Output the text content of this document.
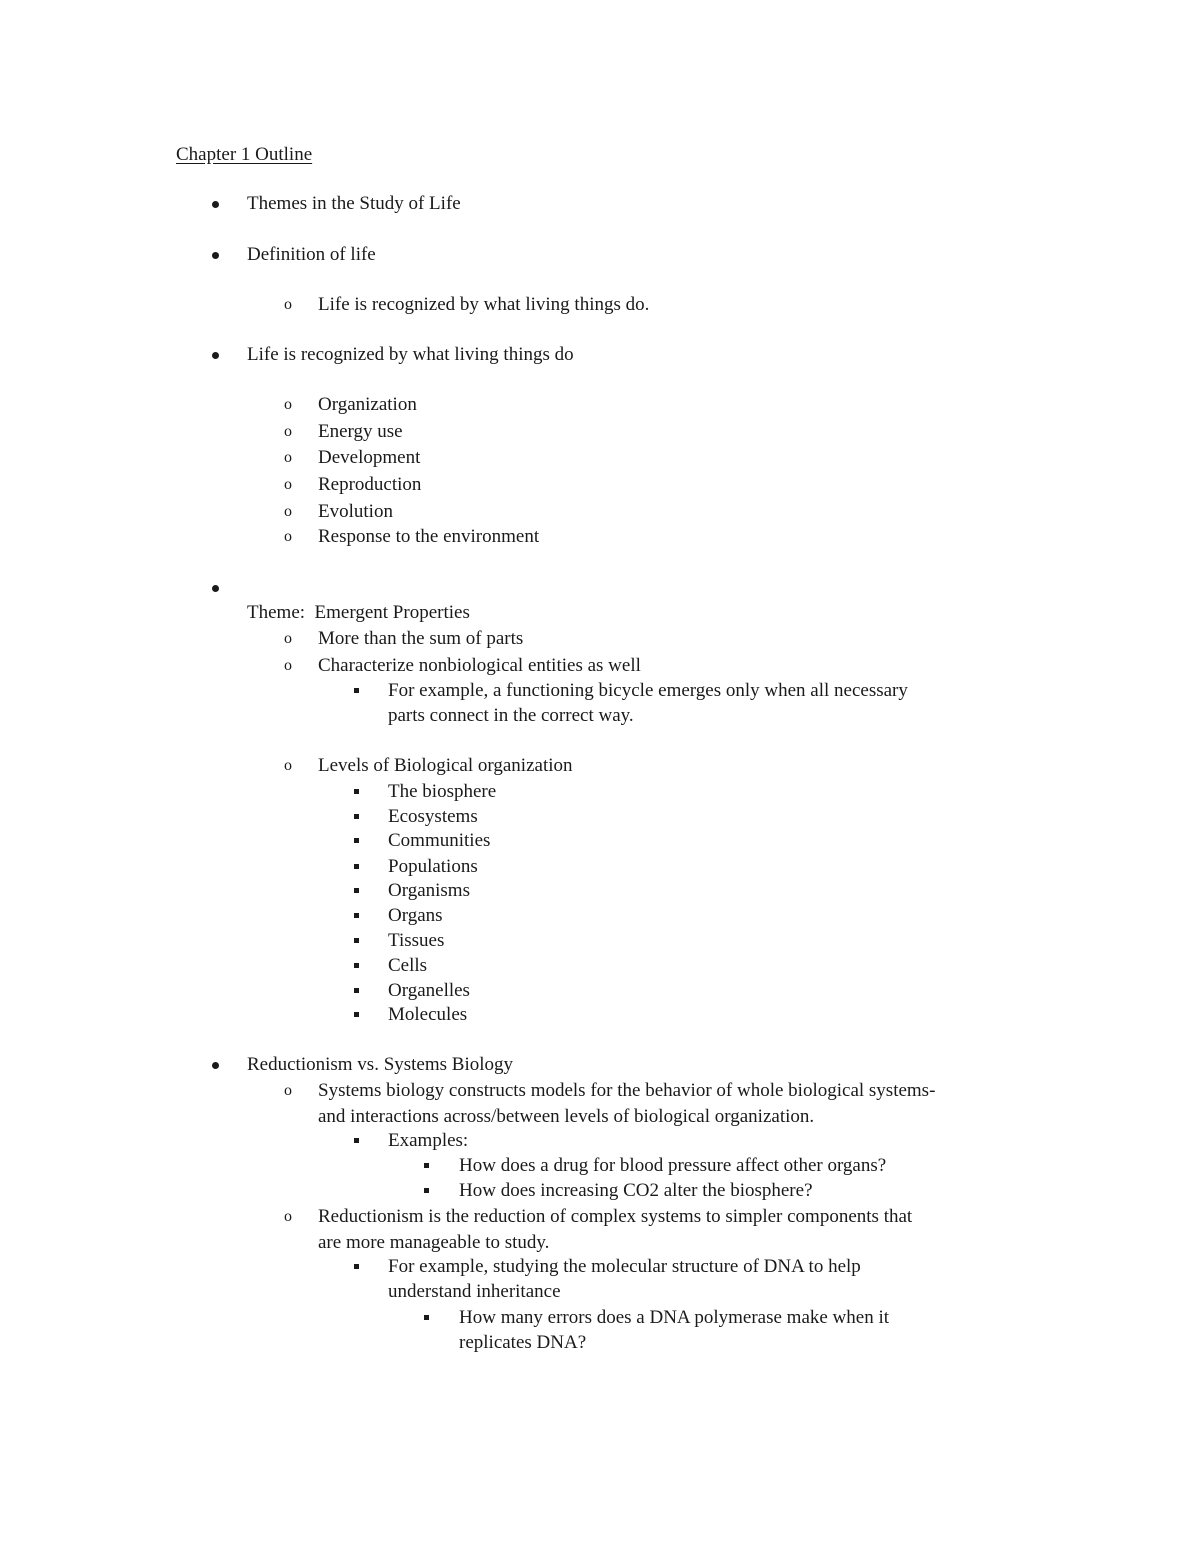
Chapter 1 Outline
Themes in the Study of Life
Definition of life
o Life is recognized by what living things do.
Life is recognized by what living things do
o Organization
o Energy use
o Development
o Reproduction
o Evolution
o Response to the environment
Theme:  Emergent Properties
o More than the sum of parts
o Characterize nonbiological entities as well
For example, a functioning bicycle emerges only when all necessary
parts connect in the correct way.
o Levels of Biological organization
The biosphere
Ecosystems
Communities
Populations
Organisms
Organs
Tissues
Cells
Organelles
Molecules
Reductionism vs. Systems Biology
o Systems biology constructs models for the behavior of whole biological systems-
and interactions across/between levels of biological organization.
Examples:
How does a drug for blood pressure affect other organs?
How does increasing CO2 alter the biosphere?
o Reductionism is the reduction of complex systems to simpler components that
are more manageable to study.
For example, studying the molecular structure of DNA to help
understand inheritance
How many errors does a DNA polymerase make when it
replicates DNA?
